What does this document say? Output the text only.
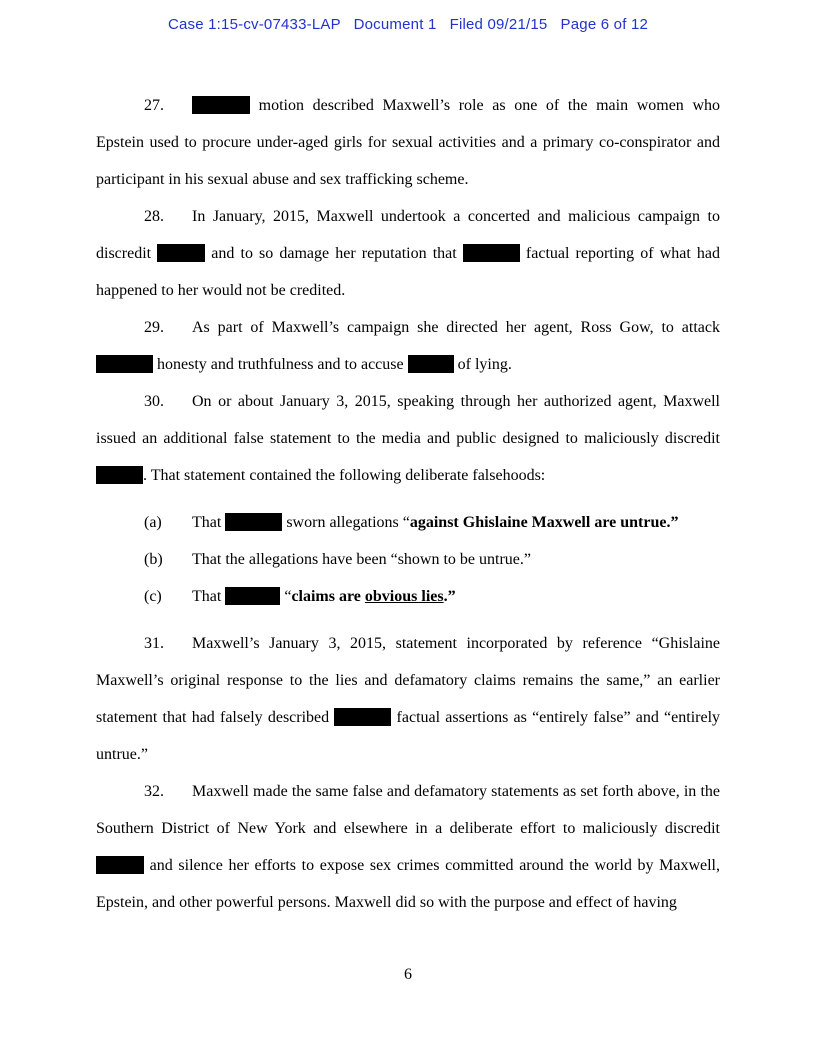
Case 1:15-cv-07433-LAP   Document 1   Filed 09/21/15   Page 6 of 12
27.	motion described Maxwell’s role as one of the main women who Epstein used to procure under-aged girls for sexual activities and a primary co-conspirator and participant in his sexual abuse and sex trafficking scheme.
28. In January, 2015, Maxwell undertook a concerted and malicious campaign to discredit	and to so damage her reputation that	factual reporting of what had happened to her would not be credited.
29. As part of Maxwell’s campaign she directed her agent, Ross Gow, to attack  honesty and truthfulness and to accuse	of lying.
30. On or about January 3, 2015, speaking through her authorized agent, Maxwell issued an additional false statement to the media and public designed to maliciously discredit . That statement contained the following deliberate falsehoods:
(a) That	sworn allegations “against Ghislaine Maxwell are untrue.”
(b) That the allegations have been “shown to be untrue.”
(c) That	“claims are obvious lies.”
31. Maxwell’s January 3, 2015, statement incorporated by reference “Ghislaine Maxwell’s original response to the lies and defamatory claims remains the same,” an earlier statement that had falsely described	factual assertions as “entirely false” and “entirely untrue.”
32. Maxwell made the same false and defamatory statements as set forth above, in the Southern District of New York and elsewhere in a deliberate effort to maliciously discredit  and silence her efforts to expose sex crimes committed around the world by Maxwell, Epstein, and other powerful persons. Maxwell did so with the purpose and effect of having
6
